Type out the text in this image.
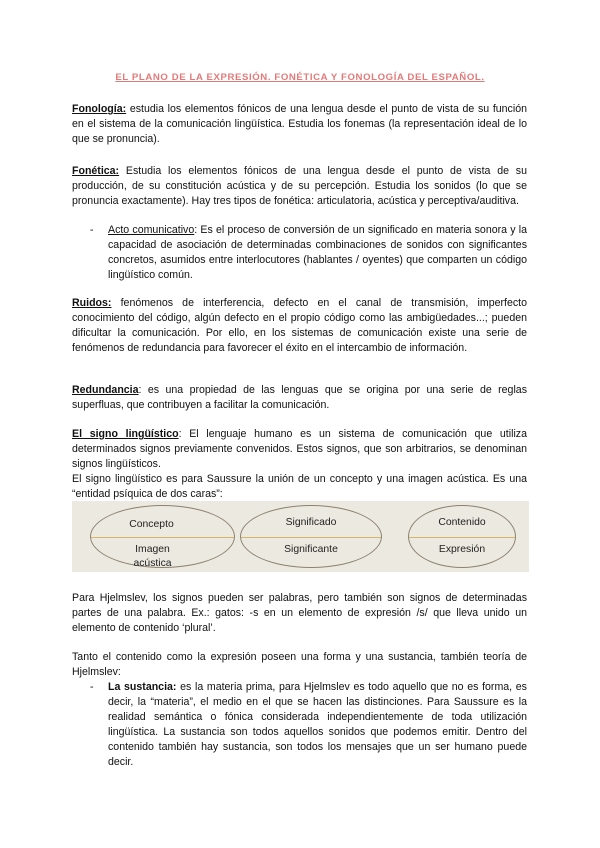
EL PLANO DE LA EXPRESIÓN. FONÉTICA Y FONOLOGÍA DEL ESPAÑOL.

Fonología: estudia los elementos fónicos de una lengua desde el punto de vista de su función en el sistema de la comunicación lingüística. Estudia los fonemas (la representación ideal de lo que se pronuncia).

Fonética: Estudia los elementos fónicos de una lengua desde el punto de vista de su producción, de su constitución acústica y de su percepción. Estudia los sonidos (lo que se pronuncia exactamente). Hay tres tipos de fonética: articulatoria, acústica y perceptiva/auditiva.

- Acto comunicativo: Es el proceso de conversión de un significado en materia sonora y la capacidad de asociación de determinadas combinaciones de sonidos con significantes concretos, asumidos entre interlocutores (hablantes / oyentes) que comparten un código lingüístico común.

Ruidos: fenómenos de interferencia, defecto en el canal de transmisión, imperfecto conocimiento del código, algún defecto en el propio código como las ambigüedades...; pueden dificultar la comunicación. Por ello, en los sistemas de comunicación existe una serie de fenómenos de redundancia para favorecer el éxito en el intercambio de información.

Redundancia: es una propiedad de las lenguas que se origina por una serie de reglas superfluas, que contribuyen a facilitar la comunicación.

El signo lingüístico: El lenguaje humano es un sistema de comunicación que utiliza determinados signos previamente convenidos. Estos signos, que son arbitrarios, se denominan signos lingüísticos.

El signo lingüístico es para Saussure la unión de un concepto y una imagen acústica. Es una “entidad psíquica de dos caras”:

Concepto
Imagen
acústica
Significado
Significante
Contenido
Expresión

Para Hjelmslev, los signos pueden ser palabras, pero también son signos de determinadas partes de una palabra. Ex.: gatos: -s en un elemento de expresión /s/ que lleva unido un elemento de contenido ‘plural’.

Tanto el contenido como la expresión poseen una forma y una sustancia, también teoría de Hjelmslev:

- La sustancia: es la materia prima, para Hjelmslev es todo aquello que no es forma, es decir, la “materia”, el medio en el que se hacen las distinciones. Para Saussure es la realidad semántica o fónica considerada independientemente de toda utilización lingüística. La sustancia son todos aquellos sonidos que podemos emitir. Dentro del contenido también hay sustancia, son todos los mensajes que un ser humano puede decir.
